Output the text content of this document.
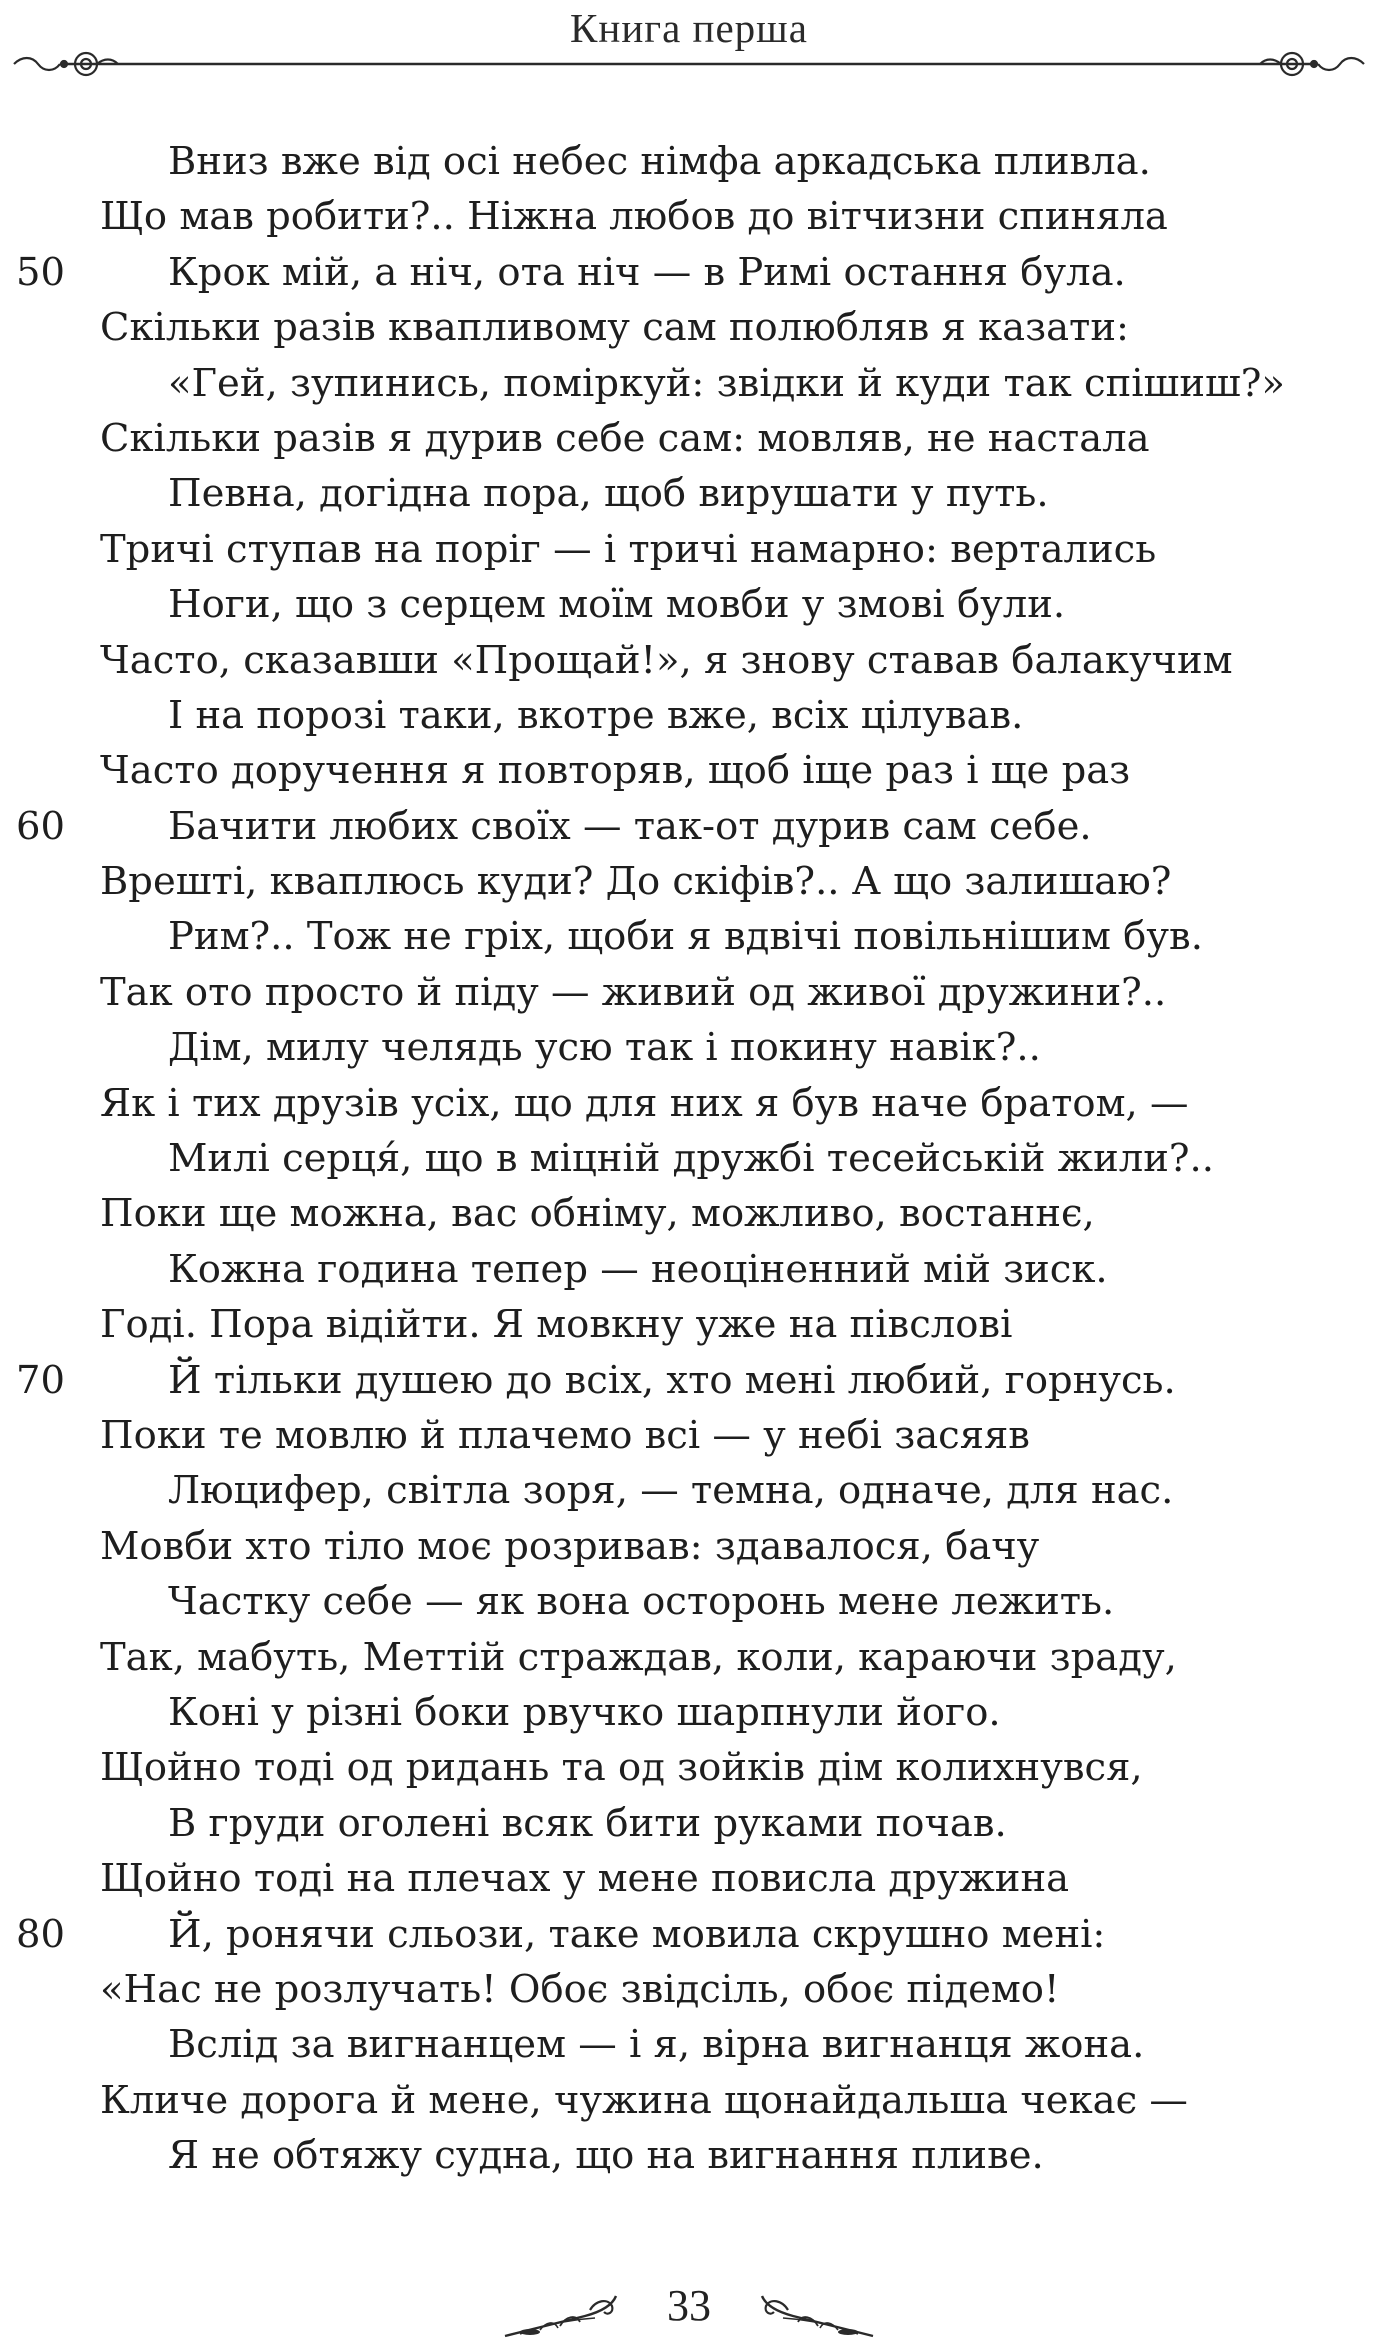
Книга перша
Вниз вже від осі небес німфа аркадська пливла.
Що мав робити?.. Ніжна любов до вітчизни спиняла
50	Крок мій, а ніч, ота ніч — в Римі остання була.
Скільки разів квапливому сам полюбляв я казати:
«Гей, зупинись, поміркуй: звідки й куди так спішиш?»
Скільки разів я дурив себе сам: мовляв, не настала
Певна, догідна пора, щоб вирушати у путь.
Тричі ступав на поріг — і тричі намарно: вертались
Ноги, що з серцем моїм мовби у змові були.
Часто, сказавши «Прощай!», я знову ставав балакучим
І на порозі таки, вкотре вже, всіх цілував.
Часто доручення я повторяв, щоб іще раз і ще раз
60	Бачити любих своїх — так-от дурив сам себе.
Врешті, кваплюсь куди? До скіфів?.. А що залишаю?
Рим?.. Тож не гріх, щоби я вдвічі повільнішим був.
Так ото просто й піду — живий од живої дружини?..
Дім, милу челядь усю так і покину навік?..
Як і тих друзів усіх, що для них я був наче братом, —
Милі серця́, що в міцній дружбі тесейській жили?..
Поки ще можна, вас обніму, можливо, востаннє,
Кожна година тепер — неоціненний мій зиск.
Годі. Пора відійти. Я мовкну уже на півслові
70	Й тільки душею до всіх, хто мені любий, горнусь.
Поки те мовлю й плачемо всі — у небі засяяв
Люцифер, світла зоря, — темна, одначе, для нас.
Мовби хто тіло моє розривав: здавалося, бачу
Частку себе — як вона осторонь мене лежить.
Так, мабуть, Меттій страждав, коли, караючи зраду,
Коні у різні боки рвучко шарпнули його.
Щойно тоді од ридань та од зойків дім колихнувся,
В груди оголені всяк бити руками почав.
Щойно тоді на плечах у мене повисла дружина
80	Й, ронячи сльози, таке мовила скрушно мені:
«Нас не розлучать! Обоє звідсіль, обоє підемо!
Вслід за вигнанцем — і я, вірна вигнанця жона.
Кличе дорога й мене, чужина щонайдальша чекає —
Я не обтяжу судна, що на вигнання пливе.
33
